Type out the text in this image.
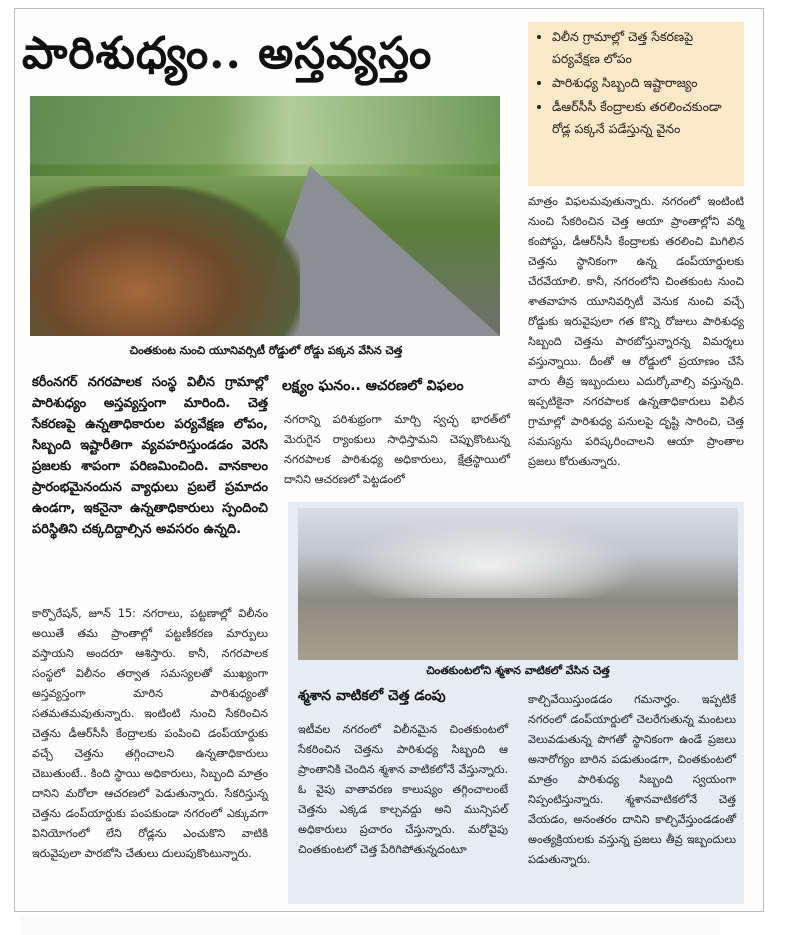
పారిశుధ్యం.. అస్తవ్యస్తం
•	విలీన గ్రామాల్లో చెత్త సేకరణపై పర్యవేక్షణ లోపం
• పారిశుధ్య సిబ్బంది ఇష్టారాజ్యం
• డీఆర్‌సీసీ కేంద్రాలకు తరలించకుండా రోడ్ల పక్కనే పడేస్తున్న వైనం
చింతకుంట నుంచి యూనివర్సిటీ రోడ్డులో రోడ్డు పక్కన వేసిన చెత్త
కరీంనగర్ నగరపాలక సంస్థ విలీన గ్రామాల్లో పారిశుధ్యం అస్తవ్యస్తంగా మారింది. చెత్త సేకరణపై ఉన్నతాధికారుల పర్యవేక్షణ లోపం, సిబ్బంది ఇష్టారీతిగా వ్యవహరిస్తుండడం వెరసి ప్రజలకు శాపంగా పరిణమించింది. వానకాలం ప్రారంభమైనందున వ్యాధులు ప్రబలే ప్రమాదం ఉండగా, ఇకనైనా ఉన్నతాధికారులు స్పందించి పరిస్థితిని చక్కదిద్దాల్సిన అవసరం ఉన్నది.
కార్పొరేషన్, జూన్ 15: నగరాలు, పట్టణాల్లో విలీనం అయితే తమ ప్రాంతాల్లో పట్టణీకరణ మార్పులు వస్తాయని అందరూ ఆశిస్తారు. కానీ, నగరపాలక సంస్థలో విలీనం తర్వాత సమస్యలతో ముఖ్యంగా అస్తవ్యస్తంగా మారిన పారిశుధ్యంతో సతమతమవుతున్నారు. ఇంటింటి నుంచి సేకరించిన చెత్తను డీఆర్‌సీసీ కేంద్రాలకు పంపించి డంప్‌యార్డుకు వచ్చే చెత్తను తగ్గించాలని ఉన్నతాధికారులు చెబుతుంటే.. కింది స్థాయి అధికారులు, సిబ్బంది మాత్రం దానిని మరోలా ఆచరణలో పెడుతున్నారు. సేకరిస్తున్న చెత్తను డంప్‌యార్డుకు పంపకుండా నగరంలో ఎక్కువగా వినియోగంలో లేని రోడ్లను ఎంచుకొని వాటికి ఇరువైపులా పారబోసి చేతులు దులుపుకొంటున్నారు.
లక్ష్యం ఘనం.. ఆచరణలో విఫలం
నగరాన్ని పరిశుభ్రంగా మార్చి స్వచ్ఛ భారత్‌లో మెరుగైన ర్యాంకులు సాధిస్తామని చెప్పుకొంటున్న నగరపాలక పారిశుధ్య అధికారులు, క్షేత్రస్థాయిలో దానిని ఆచరణలో పెట్టడంలో
మాత్రం విఫలమవుతున్నారు. నగరంలో ఇంటింటి నుంచి సేకరించిన చెత్త ఆయా ప్రాంతాల్లోని వర్మి కంపోస్టు, డీఆర్‌సీసీ కేంద్రాలకు తరలించి మిగిలిన చెత్తను స్థానికంగా ఉన్న డంప్‌యార్డులకు చేరవేయాలి. కానీ, నగరంలోని చింతకుంట నుంచి శాతవాహన యూనివర్సిటీ వెనుక నుంచి వచ్చే రోడ్డుకు ఇరువైపులా గత కొన్ని రోజులు పారిశుధ్య సిబ్బంది చెత్తను పారబోస్తున్నారన్న విమర్శలు వస్తున్నాయి. దీంతో ఆ రోడ్డులో ప్రయాణం చేసే వారు తీవ్ర ఇబ్బందులు ఎదుర్కోవాల్సి వస్తున్నది. ఇప్పటికైనా నగరపాలక ఉన్నతాధికారులు విలీన గ్రామాల్లో పారిశుధ్య పనులపై దృష్టి సారించి, చెత్త సమస్యను పరిష్కరించాలని ఆయా ప్రాంతాల ప్రజలు కోరుతున్నారు.
చింతకుంటలోని శ్మశాన వాటికలో వేసిన చెత్త
శ్మశాన వాటికలో చెత్త డంపు
ఇటీవల నగరంలో విలీనమైన చింతకుంటలో సేకరించిన చెత్తను పారిశుధ్య సిబ్బంది ఆ ప్రాంతానికి చెందిన శ్మశాన వాటికలోనే వేస్తున్నారు. ఓ వైపు వాతావరణ కాలుష్యం తగ్గించాలంటే చెత్తను ఎక్కడ కాల్చవద్దు అని మున్సిపల్ అధికారులు ప్రచారం చేస్తున్నారు. మరోవైపు చింతకుంటలో చెత్త పేరిగిపోతున్నదంటూ
కాల్చివేయిస్తుండడం గమనార్హం. ఇప్పటికే నగరంలో డంప్‌యార్డులో చెలరేగుతున్న మంటలు వెలువడుతున్న పొగతో స్థానికంగా ఉండే ప్రజలు అనారోగ్యం బారిన పడుతుండగా, చింతకుంటలో మాత్రం పారిశుధ్య సిబ్బంది స్వయంగా నిప్పంటిస్తున్నారు. శ్మశానవాటికలోనే చెత్త వేయడం, అనంతరం దానిని కాల్చివేస్తుండడంతో అంత్యక్రియలకు వస్తున్న ప్రజలు తీవ్ర ఇబ్బందులు పడుతున్నారు.
